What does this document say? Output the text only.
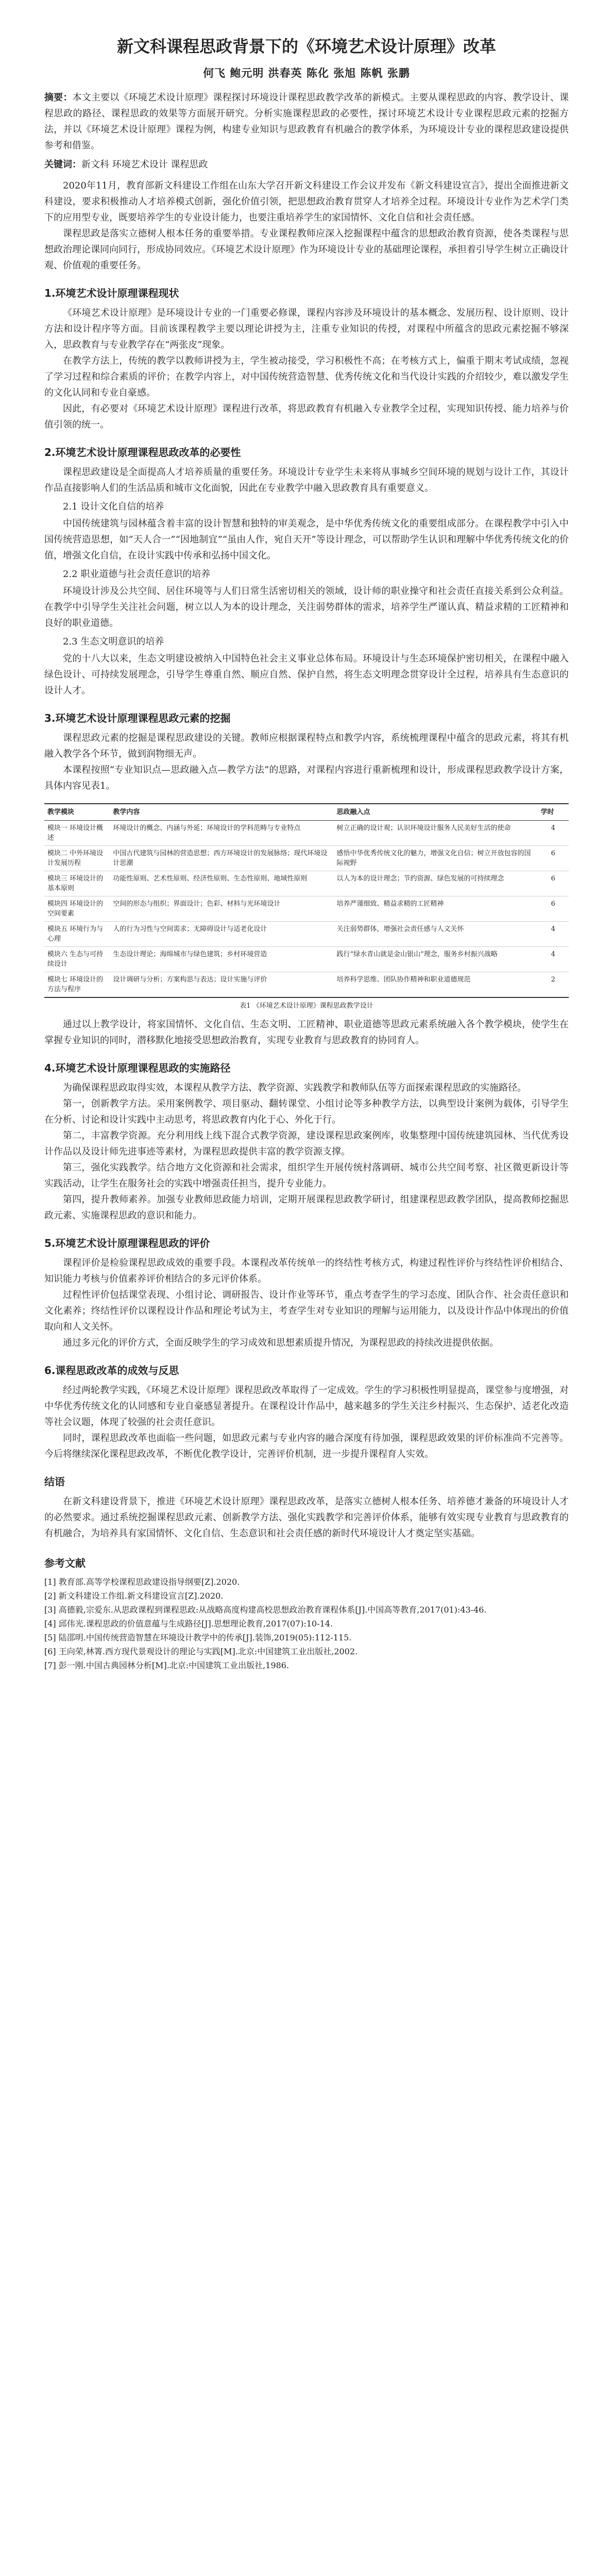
新文科课程思政背景下的《环境艺术设计原理》改革
何飞 鲍元明 洪春英 陈化 张旭 陈帆 张鹏

摘要：本文主要以《环境艺术设计原理》课程探讨环境设计课程思政教学改革的新模式。主要从课程思政的内容、教学设计、课程思政的路径、课程思政的效果等方面展开研究。分析实施课程思政的必要性，探讨环境艺术设计专业课程思政元素的挖掘方法，并以《环境艺术设计原理》课程为例，构建专业知识与思政教育有机融合的教学体系，为环境设计专业的课程思政建设提供参考和借鉴。

关键词：新文科 环境艺术设计 课程思政

2020年11月，教育部新文科建设工作组在山东大学召开新文科建设工作会议并发布《新文科建设宣言》，提出全面推进新文科建设，要求积极推动人才培养模式创新，强化价值引领，把思想政治教育贯穿人才培养全过程。环境设计专业作为艺术学门类下的应用型专业，既要培养学生的专业设计能力，也要注重培养学生的家国情怀、文化自信和社会责任感。

课程思政是落实立德树人根本任务的重要举措。专业课程教师应深入挖掘课程中蕴含的思想政治教育资源，使各类课程与思想政治理论课同向同行，形成协同效应。《环境艺术设计原理》作为环境设计专业的基础理论课程，承担着引导学生树立正确设计观、价值观的重要任务。

1.环境艺术设计原理课程现状

《环境艺术设计原理》是环境设计专业的一门重要必修课，课程内容涉及环境设计的基本概念、发展历程、设计原则、设计方法和设计程序等方面。目前该课程教学主要以理论讲授为主，注重专业知识的传授，对课程中所蕴含的思政元素挖掘不够深入，思政教育与专业教学存在“两张皮”现象。

在教学方法上，传统的教学以教师讲授为主，学生被动接受，学习积极性不高；在考核方式上，偏重于期末考试成绩，忽视了学习过程和综合素质的评价；在教学内容上，对中国传统营造智慧、优秀传统文化和当代设计实践的介绍较少，难以激发学生的文化认同和专业自豪感。

因此，有必要对《环境艺术设计原理》课程进行改革，将思政教育有机融入专业教学全过程，实现知识传授、能力培养与价值引领的统一。

2.环境艺术设计原理课程思政改革的必要性

课程思政建设是全面提高人才培养质量的重要任务。环境设计专业学生未来将从事城乡空间环境的规划与设计工作，其设计作品直接影响人们的生活品质和城市文化面貌，因此在专业教学中融入思政教育具有重要意义。

2.1 设计文化自信的培养

中国传统建筑与园林蕴含着丰富的设计智慧和独特的审美观念，是中华优秀传统文化的重要组成部分。在课程教学中引入中国传统营造思想，如“天人合一”“因地制宜”“虽由人作，宛自天开”等设计理念，可以帮助学生认识和理解中华优秀传统文化的价值，增强文化自信，在设计实践中传承和弘扬中国文化。

2.2 职业道德与社会责任意识的培养

环境设计涉及公共空间、居住环境等与人们日常生活密切相关的领域，设计师的职业操守和社会责任直接关系到公众利益。在教学中引导学生关注社会问题，树立以人为本的设计理念，关注弱势群体的需求，培养学生严谨认真、精益求精的工匠精神和良好的职业道德。

2.3 生态文明意识的培养

党的十八大以来，生态文明建设被纳入中国特色社会主义事业总体布局。环境设计与生态环境保护密切相关，在课程中融入绿色设计、可持续发展理念，引导学生尊重自然、顺应自然、保护自然，将生态文明理念贯穿设计全过程，培养具有生态意识的设计人才。

3.环境艺术设计原理课程思政元素的挖掘

课程思政元素的挖掘是课程思政建设的关键。教师应根据课程特点和教学内容，系统梳理课程中蕴含的思政元素，将其有机融入教学各个环节，做到润物细无声。

本课程按照“专业知识点—思政融入点—教学方法”的思路，对课程内容进行重新梳理和设计，形成课程思政教学设计方案，具体内容见表1。

教学模块	教学内容	思政融入点	学时
模块一 环境设计概述	环境设计的概念、内涵与外延；环境设计的学科范畴与专业特点	树立正确的设计观；认识环境设计服务人民美好生活的使命	4
模块二 中外环境设计发展历程	中国古代建筑与园林的营造思想；西方环境设计的发展脉络；现代环境设计思潮	感悟中华优秀传统文化的魅力，增强文化自信；树立开放包容的国际视野	6
模块三 环境设计的基本原则	功能性原则、艺术性原则、经济性原则、生态性原则、地域性原则	以人为本的设计理念；节约资源、绿色发展的可持续理念	6
模块四 环境设计的空间要素	空间的形态与组织；界面设计；色彩、材料与光环境设计	培养严谨细致、精益求精的工匠精神	6
模块五 环境行为与心理	人的行为习性与空间需求；无障碍设计与适老化设计	关注弱势群体，增强社会责任感与人文关怀	4
模块六 生态与可持续设计	生态设计理论；海绵城市与绿色建筑；乡村环境营造	践行“绿水青山就是金山银山”理念，服务乡村振兴战略	4
模块七 环境设计的方法与程序	设计调研与分析；方案构思与表达；设计实施与评价	培养科学思维、团队协作精神和职业道德规范	2
表1 《环境艺术设计原理》课程思政教学设计

通过以上教学设计，将家国情怀、文化自信、生态文明、工匠精神、职业道德等思政元素系统融入各个教学模块，使学生在掌握专业知识的同时，潜移默化地接受思想政治教育，实现专业教育与思政教育的协同育人。

4.环境艺术设计原理课程思政的实施路径

为确保课程思政取得实效，本课程从教学方法、教学资源、实践教学和教师队伍等方面探索课程思政的实施路径。

第一，创新教学方法。采用案例教学、项目驱动、翻转课堂、小组讨论等多种教学方法，以典型设计案例为载体，引导学生在分析、讨论和设计实践中主动思考，将思政教育内化于心、外化于行。

第二，丰富教学资源。充分利用线上线下混合式教学资源，建设课程思政案例库，收集整理中国传统建筑园林、当代优秀设计作品以及设计师先进事迹等素材，为课程思政提供丰富的教学资源支撑。

第三，强化实践教学。结合地方文化资源和社会需求，组织学生开展传统村落调研、城市公共空间考察、社区微更新设计等实践活动，让学生在服务社会的实践中增强责任担当，提升专业能力。

第四，提升教师素养。加强专业教师思政能力培训，定期开展课程思政教学研讨，组建课程思政教学团队，提高教师挖掘思政元素、实施课程思政的意识和能力。

5.环境艺术设计原理课程思政的评价

课程评价是检验课程思政成效的重要手段。本课程改革传统单一的终结性考核方式，构建过程性评价与终结性评价相结合、知识能力考核与价值素养评价相结合的多元评价体系。

过程性评价包括课堂表现、小组讨论、调研报告、设计作业等环节，重点考查学生的学习态度、团队合作、社会责任意识和文化素养；终结性评价以课程设计作品和理论考试为主，考查学生对专业知识的理解与运用能力，以及设计作品中体现出的价值取向和人文关怀。

通过多元化的评价方式，全面反映学生的学习成效和思想素质提升情况，为课程思政的持续改进提供依据。

6.课程思政改革的成效与反思

经过两轮教学实践，《环境艺术设计原理》课程思政改革取得了一定成效。学生的学习积极性明显提高，课堂参与度增强，对中华优秀传统文化的认同感和专业自豪感显著提升。在课程设计作品中，越来越多的学生关注乡村振兴、生态保护、适老化改造等社会议题，体现了较强的社会责任意识。

同时，课程思政改革也面临一些问题，如思政元素与专业内容的融合深度有待加强，课程思政效果的评价标准尚不完善等。今后将继续深化课程思政改革，不断优化教学设计，完善评价机制，进一步提升课程育人实效。

结语

在新文科建设背景下，推进《环境艺术设计原理》课程思政改革，是落实立德树人根本任务、培养德才兼备的环境设计人才的必然要求。通过系统挖掘课程思政元素、创新教学方法、强化实践教学和完善评价体系，能够有效实现专业教育与思政教育的有机融合，为培养具有家国情怀、文化自信、生态意识和社会责任感的新时代环境设计人才奠定坚实基础。

参考文献

[1] 教育部.高等学校课程思政建设指导纲要[Z].2020.

[2] 新文科建设工作组.新文科建设宣言[Z].2020.

[3] 高德毅,宗爱东.从思政课程到课程思政:从战略高度构建高校思想政治教育课程体系[J].中国高等教育,2017(01):43-46.

[4] 邱伟光.课程思政的价值意蕴与生成路径[J].思想理论教育,2017(07):10-14.

[5] 陆邵明.中国传统营造智慧在环境设计教学中的传承[J].装饰,2019(05):112-115.

[6] 王向荣,林箐.西方现代景观设计的理论与实践[M].北京:中国建筑工业出版社,2002.

[7] 彭一刚.中国古典园林分析[M].北京:中国建筑工业出版社,1986.
